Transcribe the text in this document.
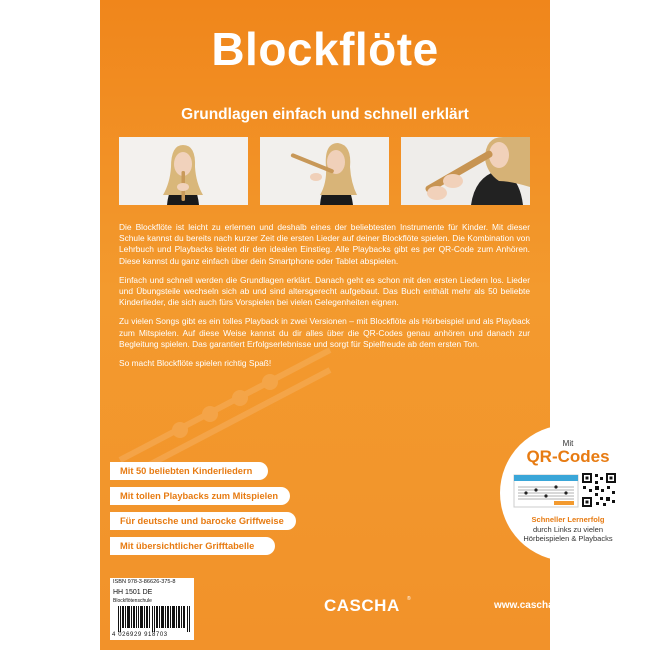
Blockflöte
Grundlagen einfach und schnell erklärt

Die Blockflöte ist leicht zu erlernen und deshalb eines der beliebtesten Instrumente für Kinder. Mit dieser Schule kannst du bereits nach kurzer Zeit die ersten Lieder auf deiner Blockflöte spielen. Die Kombination von Lehrbuch und Playbacks bietet dir den idealen Einstieg. Alle Playbacks gibt es per QR-Code zum Anhören. Diese kannst du ganz einfach über dein Smartphone oder Tablet abspielen.

Einfach und schnell werden die Grundlagen erklärt. Danach geht es schon mit den ersten Liedern los. Lieder und Übungsteile wechseln sich ab und sind altersgerecht aufgebaut. Das Buch enthält mehr als 50 beliebte Kinderlieder, die sich auch fürs Vorspielen bei vielen Gelegenheiten eignen.

Zu vielen Songs gibt es ein tolles Playback in zwei Versionen – mit Blockflöte als Hörbeispiel und als Playback zum Mitspielen. Auf diese Weise kannst du dir alles über die QR-Codes genau anhören und danach zur Begleitung spielen. Das garantiert Erfolgserlebnisse und sorgt für Spielfreude ab dem ersten Ton.

So macht Blockflöte spielen richtig Spaß!

Mit
QR-Codes
Schneller Lernerfolg
durch Links zu vielen Hörbeispielen & Playbacks
www.caschamusic.com
CASCHA ®
Mit 50 beliebten Kinderliedern
Mit tollen Playbacks zum Mitspielen
Für deutsche und barocke Griffweise
Mit übersichtlicher Grifftabelle
ISBN 978-3-86626-375-8
HH 1501 DE
Blockflötenschule
4 026929 918703
